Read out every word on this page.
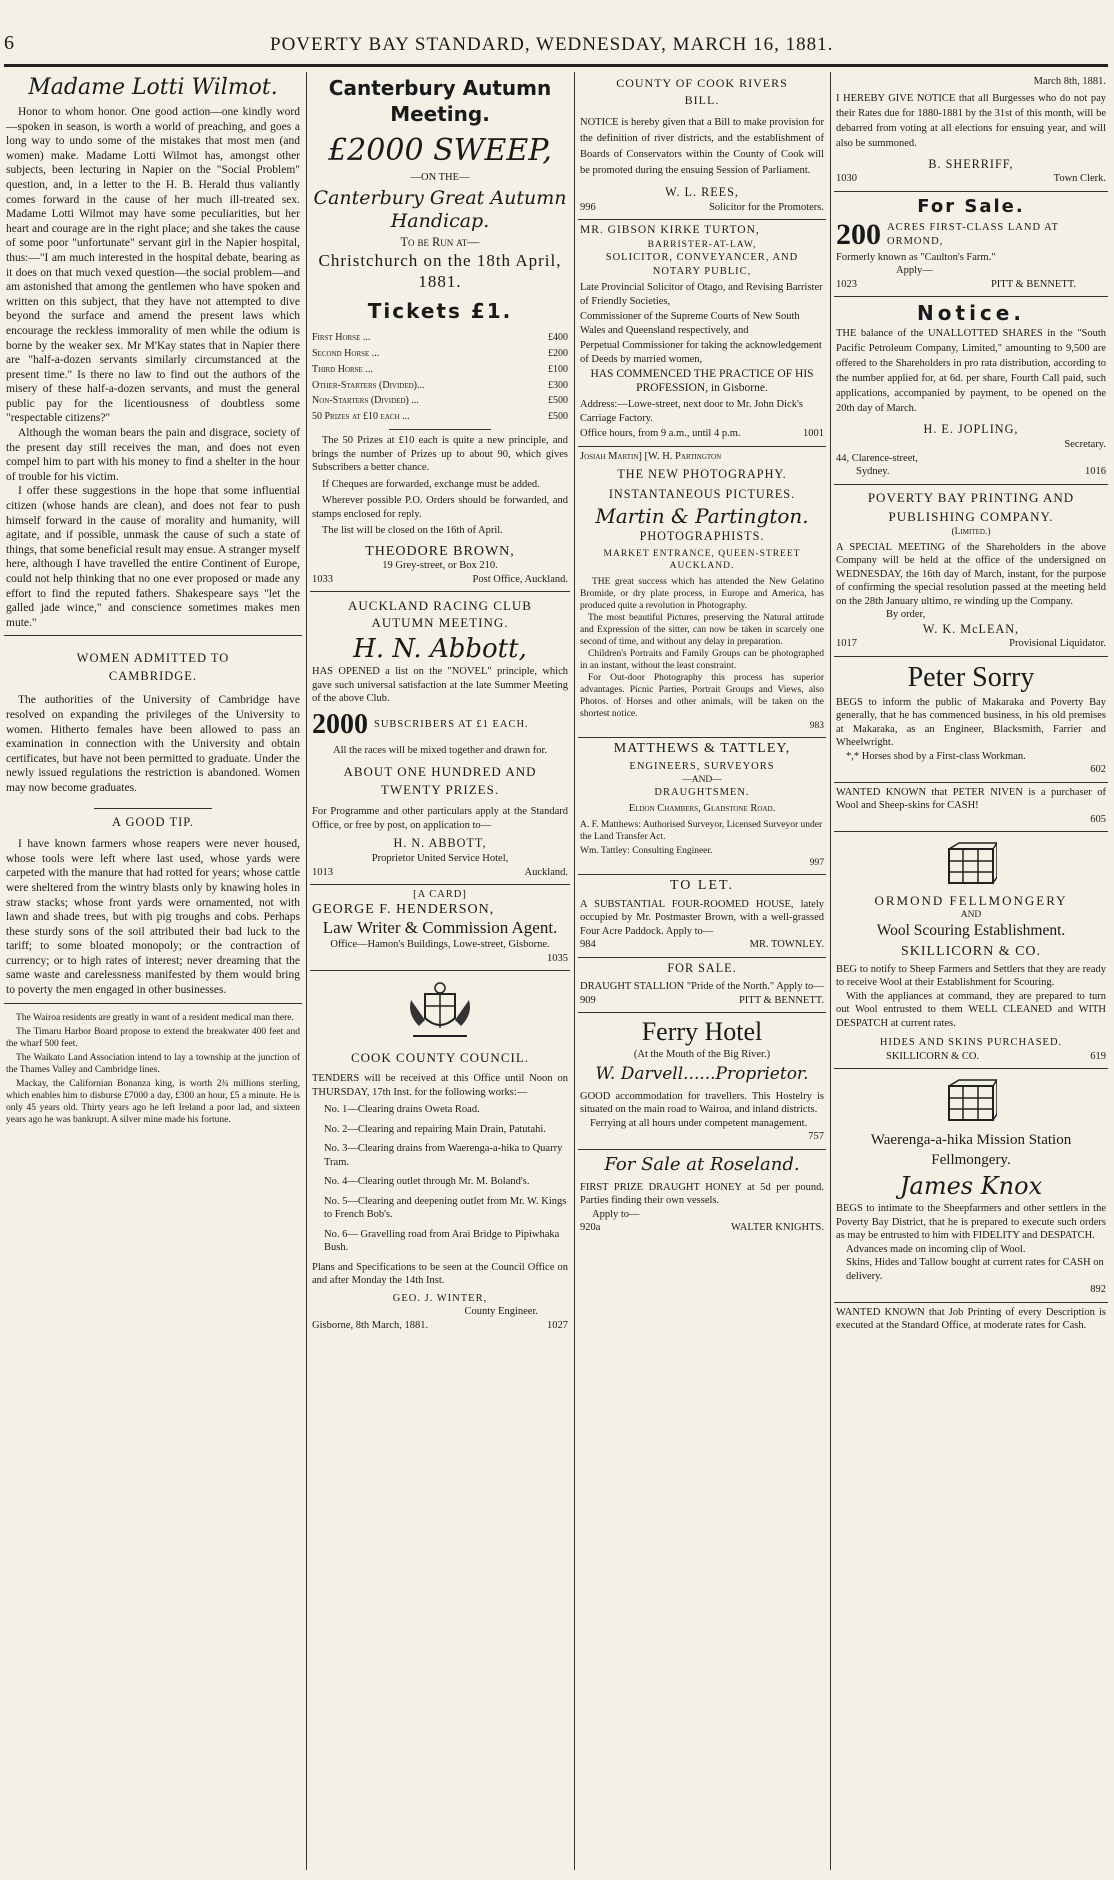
6	POVERTY BAY STANDARD, WEDNESDAY, MARCH 16, 1881.
Madame Lotti Wilmot.

Honor to whom honor. One good action—one kindly word—spoken in season, is worth a world of preaching, and goes a long way to undo some of the mistakes that most men (and women) make. Madame Lotti Wilmot has, amongst other subjects, been lecturing in Napier on the "Social Problem" question, and, in a letter to the H. B. Herald thus valiantly comes forward in the cause of her much ill-treated sex. Madame Lotti Wilmot may have some peculiarities, but her heart and courage are in the right place; and she takes the cause of some poor "unfortunate" servant girl in the Napier hospital, thus:—"I am much interested in the hospital debate, bearing as it does on that much vexed question—the social problem—and am astonished that among the gentlemen who have spoken and written on this subject, that they have not attempted to dive beyond the surface and amend the present laws which encourage the reckless immorality of men while the odium is borne by the weaker sex. Mr M'Kay states that in Napier there are "half-a-dozen servants similarly circumstanced at the present time." Is there no law to find out the authors of the misery of these half-a-dozen servants, and must the general public pay for the licentiousness of doubtless some "respectable citizens?"

Although the woman bears the pain and disgrace, society of the present day still receives the man, and does not even compel him to part with his money to find a shelter in the hour of trouble for his victim.

I offer these suggestions in the hope that some influential citizen (whose hands are clean), and does not fear to push himself forward in the cause of morality and humanity, will agitate, and if possible, unmask the cause of such a state of things, that some beneficial result may ensue. A stranger myself here, although I have travelled the entire Continent of Europe, could not help thinking that no one ever proposed or made any effort to find the reputed fathers. Shakespeare says "let the galled jade wince," and conscience sometimes makes men mute."

WOMEN ADMITTED TO CAMBRIDGE.

The authorities of the University of Cambridge have resolved on expanding the privileges of the University to women. Hitherto females have been allowed to pass an examination in connection with the University and obtain certificates, but have not been permitted to graduate. Under the newly issued regulations the restriction is abandoned. Women may now become graduates.

A GOOD TIP.

I have known farmers whose reapers were never housed, whose tools were left where last used, whose yards were carpeted with the manure that had rotted for years; whose cattle were sheltered from the wintry blasts only by knawing holes in straw stacks; whose front yards were ornamented, not with lawn and shade trees, but with pig troughs and cobs. Perhaps these sturdy sons of the soil attributed their bad luck to the tariff; to some bloated monopoly; or the contraction of currency; or to high rates of interest; never dreaming that the same waste and carelessness manifested by them would bring to poverty the men engaged in other businesses.

The Wairoa residents are greatly in want of a resident medical man there.

The Timaru Harbor Board propose to extend the breakwater 400 feet and the wharf 500 feet.

The Waikato Land Association intend to lay a township at the junction of the Thames Valley and Cambridge lines.

Mackay, the Californian Bonanza king, is worth 2¾ millions sterling, which enables him to disburse £7000 a day, £300 an hour, £5 a minute. He is only 45 years old. Thirty years ago he left Ireland a poor lad, and sixteen years ago he was bankrupt. A silver mine made his fortune.

Canterbury Autumn Meeting.
£2000 SWEEP,
—ON THE—
Canterbury Great Autumn Handicap.
To be Run at—
Christchurch on the 18th April, 1881.
Tickets £1.
First Horse ...	£400
Second Horse ...	£200
Third Horse ...	£100
Other-Starters (Divided)...	£300
Non-Starters (Divided) ...	£500
50 Prizes at £10 each ...	£500

The 50 Prizes at £10 each is quite a new principle, and brings the number of Prizes up to about 90, which gives Subscribers a better chance.

If Cheques are forwarded, exchange must be added.

Wherever possible P.O. Orders should be forwarded, and stamps enclosed for reply.

The list will be closed on the 16th of April.

THEODORE BROWN,
19 Grey-street, or Box 210.
1033	Post Office, Auckland.
AUCKLAND RACING CLUB AUTUMN MEETING.
H. N. Abbott,

HAS OPENED a list on the "NOVEL" principle, which gave such universal satisfaction at the late Summer Meeting of the above Club.

2000 SUBSCRIBERS AT £1 EACH.

All the races will be mixed together and drawn for.

ABOUT ONE HUNDRED AND TWENTY PRIZES.

For Programme and other particulars apply at the Standard Office, or free by post, on application to—

H. N. ABBOTT,
Proprietor United Service Hotel,
1013	Auckland.
[A CARD]
GEORGE F. HENDERSON,
Law Writer & Commission Agent.
Office—Hamon's Buildings, Lowe-street, Gisborne.
1035
COOK COUNTY COUNCIL.

TENDERS will be received at this Office until Noon on THURSDAY, 17th Inst. for the following works:—

No. 1—Clearing drains Oweta Road.

No. 2—Clearing and repairing Main Drain, Patutahi.

No. 3—Clearing drains from Waerenga-a-hika to Quarry Tram.

No. 4—Clearing outlet through Mr. M. Boland's.

No. 5—Clearing and deepening outlet from Mr. W. Kings to French Bob's.

No. 6— Gravelling road from Arai Bridge to Pipiwhaka Bush.

Plans and Specifications to be seen at the Council Office on and after Monday the 14th Inst.

GEO. J. WINTER,
County Engineer.
Gisborne, 8th March, 1881.	1027
COUNTY OF COOK RIVERS BILL.

NOTICE is hereby given that a Bill to make provision for the definition of river districts, and the establishment of Boards of Conservators within the County of Cook will be promoted during the ensuing Session of Parliament.

W. L. REES,
996	Solicitor for the Promoters.
MR. GIBSON KIRKE TURTON,
BARRISTER-AT-LAW,
SOLICITOR, CONVEYANCER, AND NOTARY PUBLIC,

Late Provincial Solicitor of Otago, and Revising Barrister of Friendly Societies,

Commissioner of the Supreme Courts of New South Wales and Queensland respectively, and

Perpetual Commissioner for taking the acknowledgement of Deeds by married women,

HAS COMMENCED THE PRACTICE OF HIS PROFESSION, in Gisborne.

Address:—Lowe-street, next door to Mr. John Dick's Carriage Factory.

Office hours, from 9 a.m., until 4 p.m.	1001
Josiah Martin] [W. H. Partington
THE NEW PHOTOGRAPHY.
INSTANTANEOUS PICTURES.
Martin & Partington.
PHOTOGRAPHISTS.
MARKET ENTRANCE, QUEEN-STREET AUCKLAND.

THE great success which has attended the New Gelatino Bromide, or dry plate process, in Europe and America, has produced quite a revolution in Photography.

The most beautiful Pictures, preserving the Natural attitude and Expression of the sitter, can now be taken in scarcely one second of time, and without any delay in preparation.

Children's Portraits and Family Groups can be photographed in an instant, without the least constraint.

For Out-door Photography this process has superior advantages. Picnic Parties, Portrait Groups and Views, also Photos. of Horses and other animals, will be taken on the shortest notice.

983
MATTHEWS & TATTLEY,
ENGINEERS, SURVEYORS
—AND—
DRAUGHTSMEN.
Eldon Chambers, Gladstone Road.

A. F. Matthews: Authorised Surveyor, Licensed Surveyor under the Land Transfer Act.

Wm. Tattley: Consulting Engineer.

997
TO LET.

A SUBSTANTIAL FOUR-ROOMED HOUSE, lately occupied by Mr. Postmaster Brown, with a well-grassed Four Acre Paddock. Apply to—

984	MR. TOWNLEY.
FOR SALE.

DRAUGHT STALLION "Pride of the North." Apply to—

909	PITT & BENNETT.
Ferry Hotel
(At the Mouth of the Big River.)
W. Darvell......Proprietor.

GOOD accommodation for travellers. This Hostelry is situated on the main road to Wairoa, and inland districts.

Ferrying at all hours under competent management.

757
For Sale at Roseland.

FIRST PRIZE DRAUGHT HONEY at 5d per pound. Parties finding their own vessels.

Apply to—
920a	WALTER KNIGHTS.
March 8th, 1881.

I HEREBY GIVE NOTICE that all Burgesses who do not pay their Rates due for 1880-1881 by the 31st of this month, will be debarred from voting at all elections for ensuing year, and will also be summoned.

B. SHERRIFF,
1030	Town Clerk.
For Sale.
200 ACRES FIRST-CLASS LAND AT ORMOND,
Formerly known as "Caulton's Farm."
Apply—
1023	PITT & BENNETT.
Notice.

THE balance of the UNALLOTTED SHARES in the "South Pacific Petroleum Company, Limited," amounting to 9,500 are offered to the Shareholders in pro rata distribution, according to the number applied for, at 6d. per share, Fourth Call paid, such applications, accompanied by payment, to be opened on the 20th day of March.

H. E. JOPLING,
Secretary.
44, Clarence-street,
Sydney.	1016
POVERTY BAY PRINTING AND PUBLISHING COMPANY.
(Limited.)

A SPECIAL MEETING of the Shareholders in the above Company will be held at the office of the undersigned on WEDNESDAY, the 16th day of March, instant, for the purpose of confirming the special resolution passed at the meeting held on the 28th January ultimo, re winding up the Company.

By order,
W. K. McLEAN,
1017	Provisional Liquidator.
Peter Sorry

BEGS to inform the public of Makaraka and Poverty Bay generally, that he has commenced business, in his old premises at Makaraka, as an Engineer, Blacksmith, Farrier and Wheelwright.

*,* Horses shod by a First-class Workman.

602

WANTED KNOWN that PETER NIVEN is a purchaser of Wool and Sheep-skins for CASH!

605
ORMOND FELLMONGERY
AND
Wool Scouring Establishment.
SKILLICORN & CO.

BEG to notify to Sheep Farmers and Settlers that they are ready to receive Wool at their Establishment for Scouring.

With the appliances at command, they are prepared to turn out Wool entrusted to them WELL CLEANED and WITH DESPATCH at current rates.

HIDES AND SKINS PURCHASED.
SKILLICORN & CO.	619
Waerenga-a-hika Mission Station Fellmongery.
James Knox

BEGS to intimate to the Sheepfarmers and other settlers in the Poverty Bay District, that he is prepared to execute such orders as may be entrusted to him with FIDELITY and DESPATCH.

Advances made on incoming clip of Wool.

Skins, Hides and Tallow bought at current rates for CASH on delivery.

892

WANTED KNOWN that Job Printing of every Description is executed at the Standard Office, at moderate rates for Cash.
